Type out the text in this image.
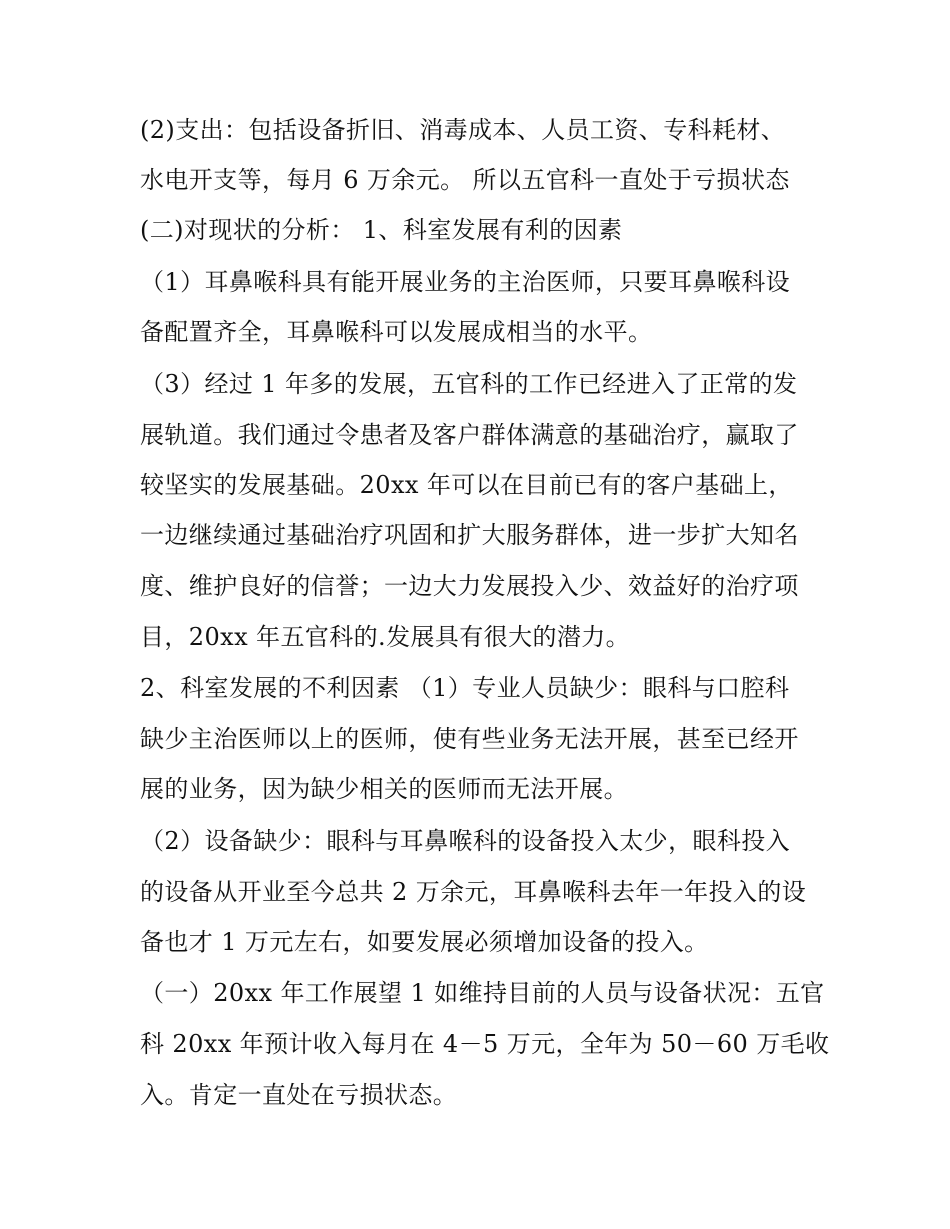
(2)支出：包括设备折旧、消毒成本、人员工资、专科耗材、
水电开支等，每月 6 万余元。 所以五官科一直处于亏损状态
(二)对现状的分析： 1、科室发展有利的因素
（1）耳鼻喉科具有能开展业务的主治医师，只要耳鼻喉科设
备配置齐全，耳鼻喉科可以发展成相当的水平。
（3）经过 1 年多的发展，五官科的工作已经进入了正常的发
展轨道。我们通过令患者及客户群体满意的基础治疗，赢取了
较坚实的发展基础。20xx 年可以在目前已有的客户基础上，
一边继续通过基础治疗巩固和扩大服务群体，进一步扩大知名
度、维护良好的信誉；一边大力发展投入少、效益好的治疗项
目，20xx 年五官科的.发展具有很大的潜力。
2、科室发展的不利因素 （1）专业人员缺少：眼科与口腔科
缺少主治医师以上的医师，使有些业务无法开展，甚至已经开
展的业务，因为缺少相关的医师而无法开展。
（2）设备缺少：眼科与耳鼻喉科的设备投入太少，眼科投入
的设备从开业至今总共 2 万余元，耳鼻喉科去年一年投入的设
备也才 1 万元左右，如要发展必须增加设备的投入。
（一）20xx 年工作展望 1 如维持目前的人员与设备状况：五官
科 20xx 年预计收入每月在 4－5 万元，全年为 50－60 万毛收
入。肯定一直处在亏损状态。
